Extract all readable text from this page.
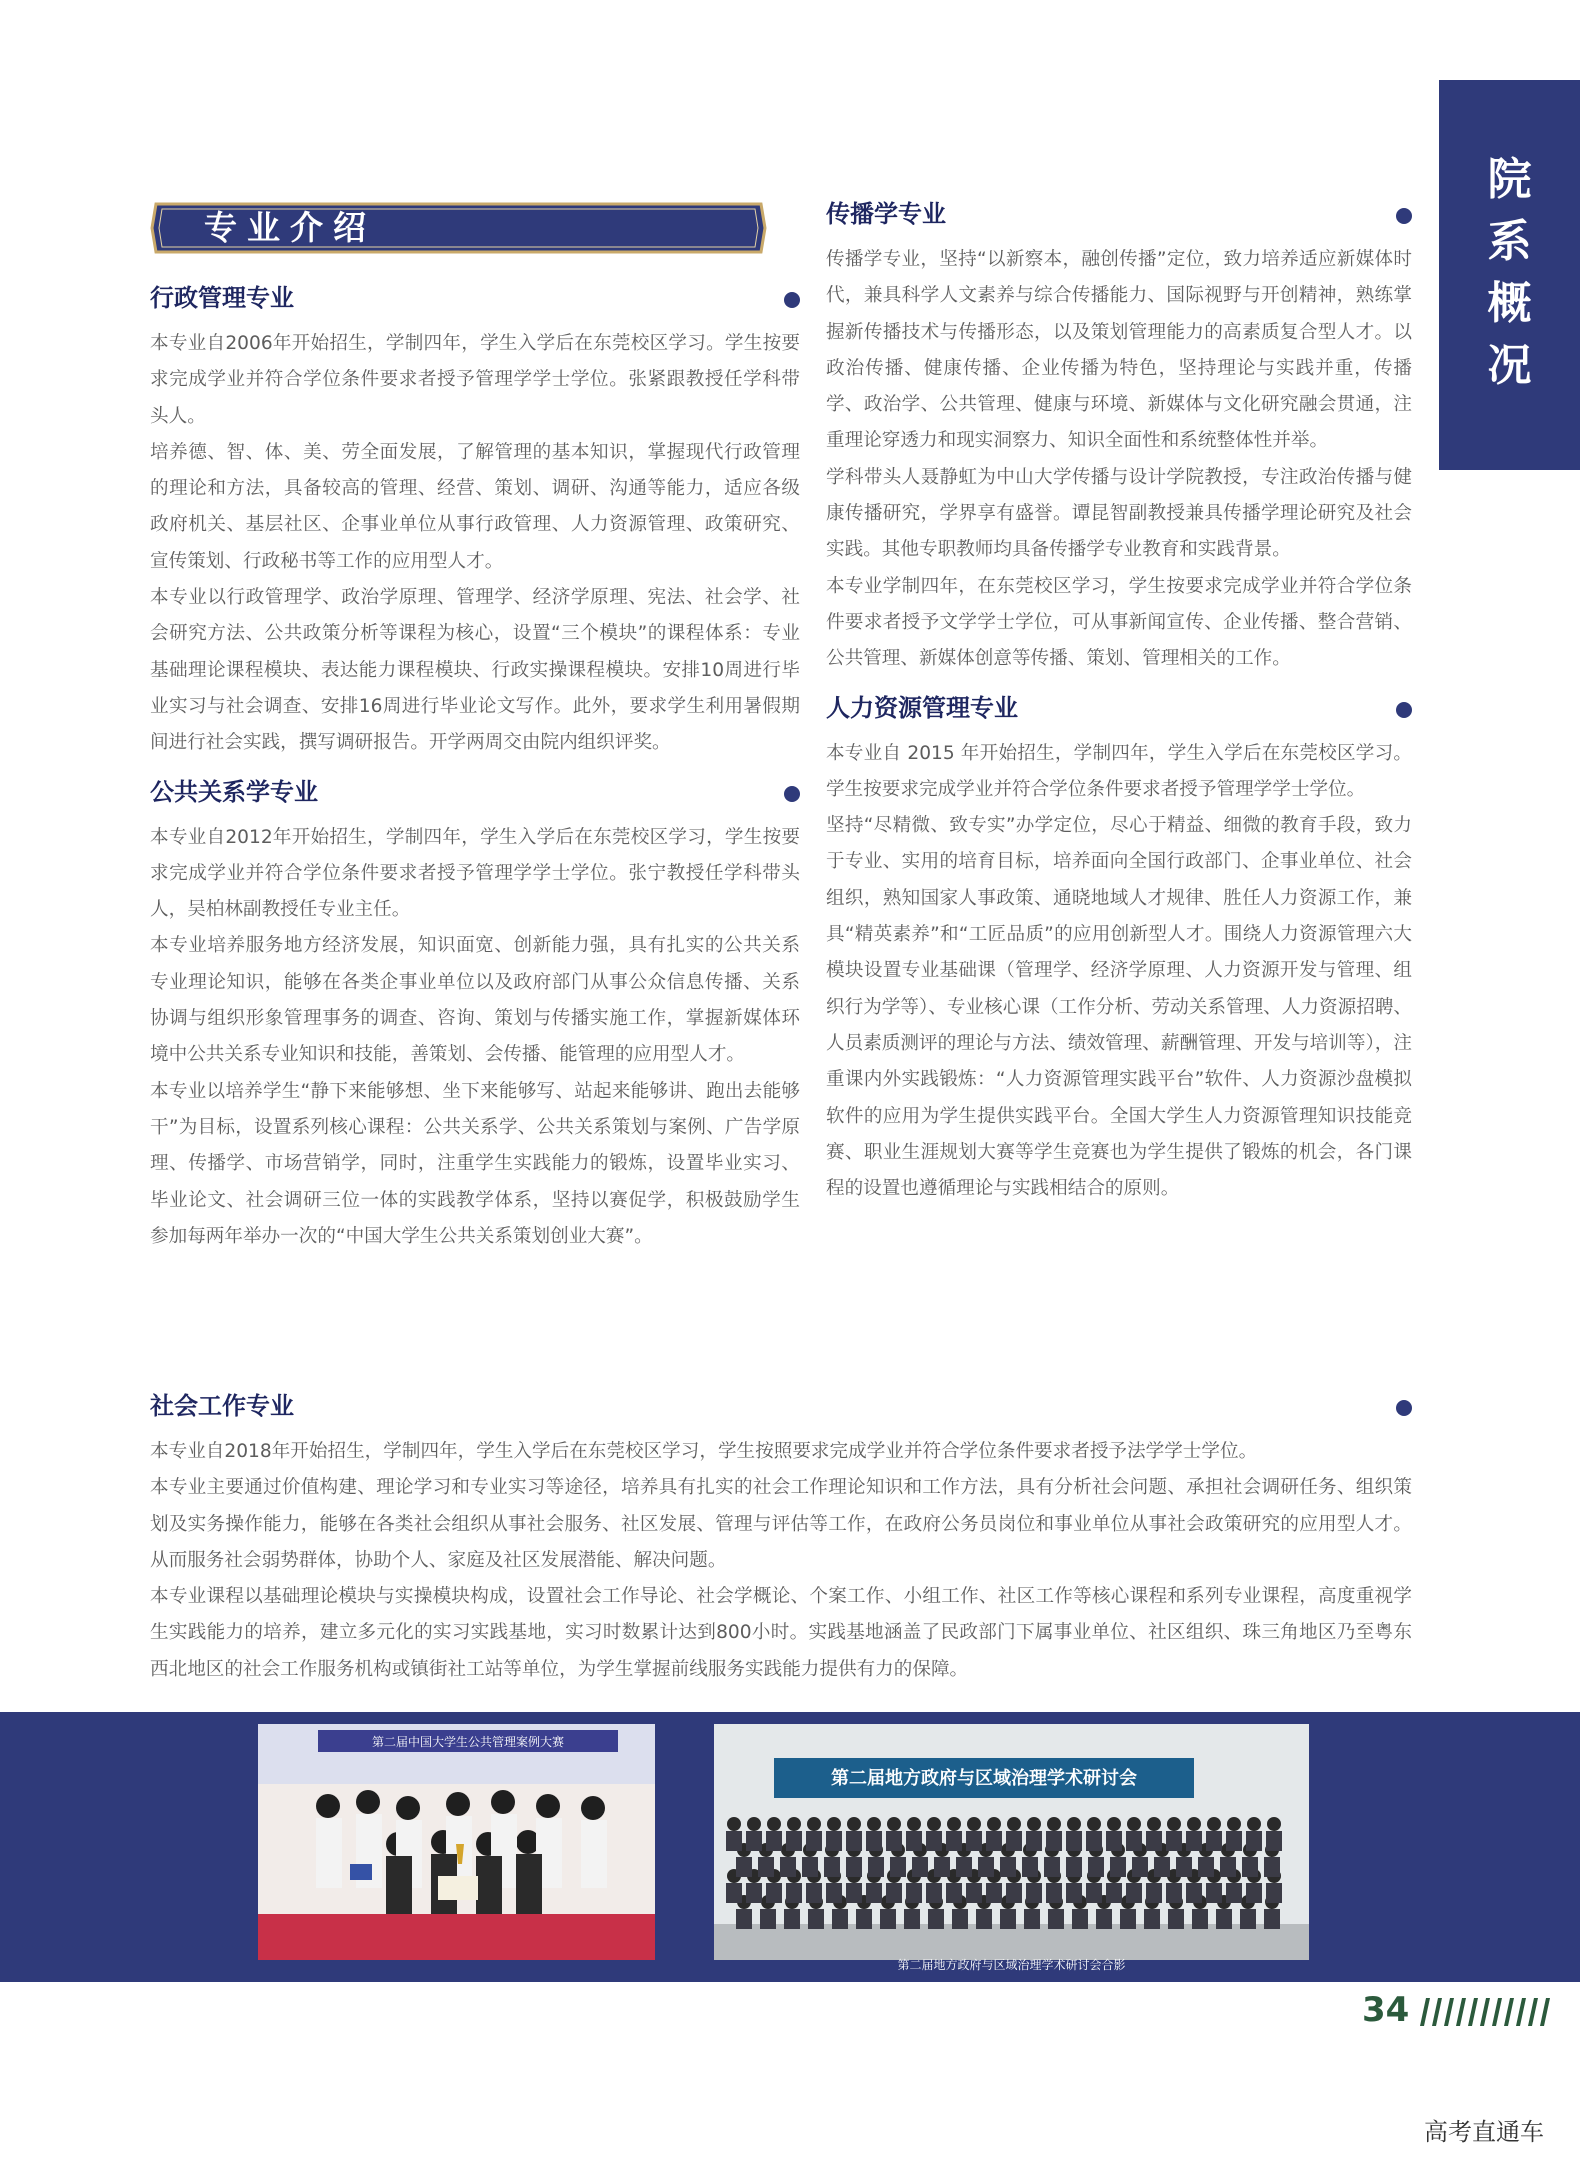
院
系
概
况
专业介绍
行政管理专业

本专业自2006年开始招生，学制四年，学生入学后在东莞校区学习。学生按要求完成学业并符合学位条件要求者授予管理学学士学位。张紧跟教授任学科带头人。

培养德、智、体、美、劳全面发展，了解管理的基本知识，掌握现代行政管理的理论和方法，具备较高的管理、经营、策划、调研、沟通等能力，适应各级政府机关、基层社区、企事业单位从事行政管理、人力资源管理、政策研究、宣传策划、行政秘书等工作的应用型人才。

本专业以行政管理学、政治学原理、管理学、经济学原理、宪法、社会学、社会研究方法、公共政策分析等课程为核心，设置“三个模块”的课程体系：专业基础理论课程模块、表达能力课程模块、行政实操课程模块。安排10周进行毕业实习与社会调查、安排16周进行毕业论文写作。此外，要求学生利用暑假期间进行社会实践，撰写调研报告。开学两周交由院内组织评奖。

公共关系学专业

本专业自2012年开始招生，学制四年，学生入学后在东莞校区学习，学生按要求完成学业并符合学位条件要求者授予管理学学士学位。张宁教授任学科带头人，吴柏林副教授任专业主任。

本专业培养服务地方经济发展，知识面宽、创新能力强，具有扎实的公共关系专业理论知识，能够在各类企事业单位以及政府部门从事公众信息传播、关系协调与组织形象管理事务的调查、咨询、策划与传播实施工作，掌握新媒体环境中公共关系专业知识和技能，善策划、会传播、能管理的应用型人才。

本专业以培养学生“静下来能够想、坐下来能够写、站起来能够讲、跑出去能够干”为目标，设置系列核心课程：公共关系学、公共关系策划与案例、广告学原理、传播学、市场营销学，同时，注重学生实践能力的锻炼，设置毕业实习、毕业论文、社会调研三位一体的实践教学体系，坚持以赛促学，积极鼓励学生参加每两年举办一次的“中国大学生公共关系策划创业大赛”。

传播学专业

传播学专业，坚持“以新察本，融创传播”定位，致力培养适应新媒体时代，兼具科学人文素养与综合传播能力、国际视野与开创精神，熟练掌握新传播技术与传播形态，以及策划管理能力的高素质复合型人才。以政治传播、健康传播、企业传播为特色，坚持理论与实践并重，传播学、政治学、公共管理、健康与环境、新媒体与文化研究融会贯通，注重理论穿透力和现实洞察力、知识全面性和系统整体性并举。

学科带头人聂静虹为中山大学传播与设计学院教授，专注政治传播与健康传播研究，学界享有盛誉。谭昆智副教授兼具传播学理论研究及社会实践。其他专职教师均具备传播学专业教育和实践背景。

本专业学制四年，在东莞校区学习，学生按要求完成学业并符合学位条件要求者授予文学学士学位，可从事新闻宣传、企业传播、整合营销、公共管理、新媒体创意等传播、策划、管理相关的工作。

人力资源管理专业

本专业自 2015 年开始招生，学制四年，学生入学后在东莞校区学习。学生按要求完成学业并符合学位条件要求者授予管理学学士学位。

坚持“尽精微、致专实”办学定位，尽心于精益、细微的教育手段，致力于专业、实用的培育目标，培养面向全国行政部门、企事业单位、社会组织，熟知国家人事政策、通晓地域人才规律、胜任人力资源工作，兼具“精英素养”和“工匠品质”的应用创新型人才。围绕人力资源管理六大模块设置专业基础课（管理学、经济学原理、人力资源开发与管理、组织行为学等）、专业核心课（工作分析、劳动关系管理、人力资源招聘、人员素质测评的理论与方法、绩效管理、薪酬管理、开发与培训等），注重课内外实践锻炼：“人力资源管理实践平台”软件、人力资源沙盘模拟软件的应用为学生提供实践平台。全国大学生人力资源管理知识技能竞赛、职业生涯规划大赛等学生竞赛也为学生提供了锻炼的机会，各门课程的设置也遵循理论与实践相结合的原则。

社会工作专业

本专业自2018年开始招生，学制四年，学生入学后在东莞校区学习，学生按照要求完成学业并符合学位条件要求者授予法学学士学位。

本专业主要通过价值构建、理论学习和专业实习等途径，培养具有扎实的社会工作理论知识和工作方法，具有分析社会问题、承担社会调研任务、组织策划及实务操作能力，能够在各类社会组织从事社会服务、社区发展、管理与评估等工作，在政府公务员岗位和事业单位从事社会政策研究的应用型人才。从而服务社会弱势群体，协助个人、家庭及社区发展潜能、解决问题。

本专业课程以基础理论模块与实操模块构成，设置社会工作导论、社会学概论、个案工作、小组工作、社区工作等核心课程和系列专业课程，高度重视学生实践能力的培养，建立多元化的实习实践基地，实习时数累计达到800小时。实践基地涵盖了民政部门下属事业单位、社区组织、珠三角地区乃至粤东西北地区的社会工作服务机构或镇街社工站等单位，为学生掌握前线服务实践能力提供有力的保障。

第二届中国大学生公共管理案例大赛
第二届地方政府与区域治理学术研讨会
第二届地方政府与区域治理学术研讨会合影
34
高考直通车
